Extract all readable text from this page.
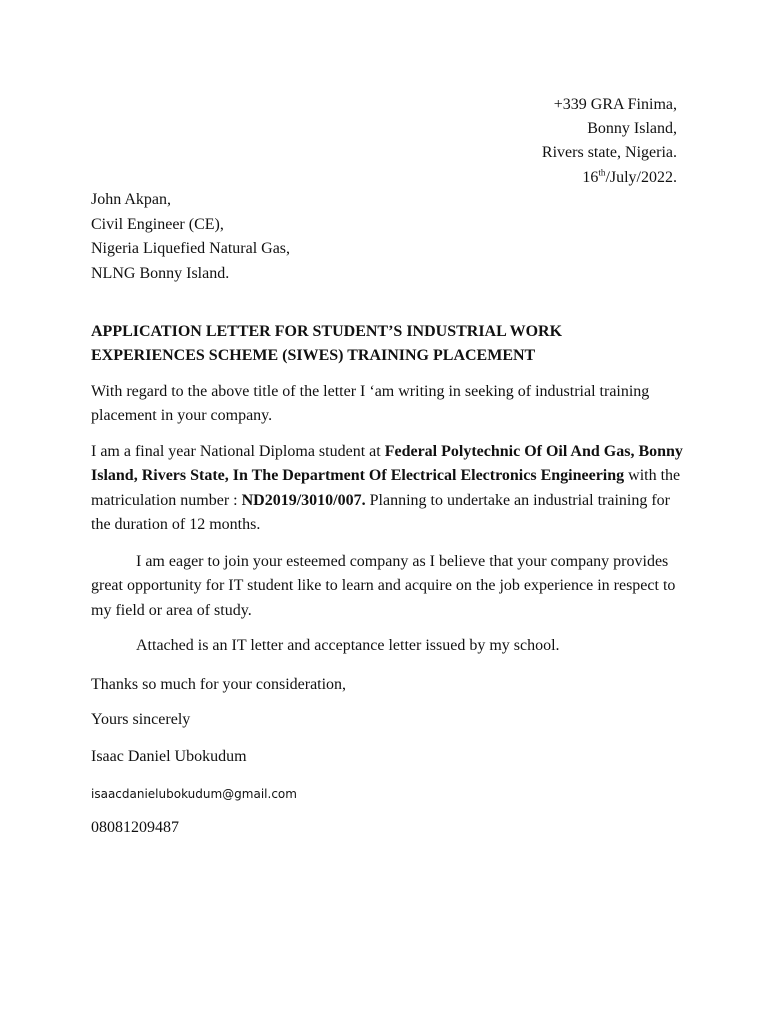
+339 GRA Finima,
Bonny Island,
Rivers state, Nigeria.
16th/July/2022.
John Akpan,
Civil Engineer (CE),
Nigeria Liquefied Natural Gas,
NLNG Bonny Island.
APPLICATION LETTER FOR STUDENT’S INDUSTRIAL WORK
EXPERIENCES SCHEME (SIWES) TRAINING PLACEMENT
With regard to the above title of the letter I ‘am writing in seeking of industrial training placement in your company.
I am a final year National Diploma student at Federal Polytechnic Of Oil And Gas, Bonny Island, Rivers State, In The Department Of Electrical Electronics Engineering with the matriculation number : ND2019/3010/007. Planning to undertake an industrial training for the duration of 12 months.
I am eager to join your esteemed company as I believe that your company provides great opportunity for IT student like to learn and acquire on the job experience in respect to my field or area of study.
Attached is an IT letter and acceptance letter issued by my school.
Thanks so much for your consideration,
Yours sincerely
Isaac Daniel Ubokudum
isaacdanielubokudum@gmail.com
08081209487
